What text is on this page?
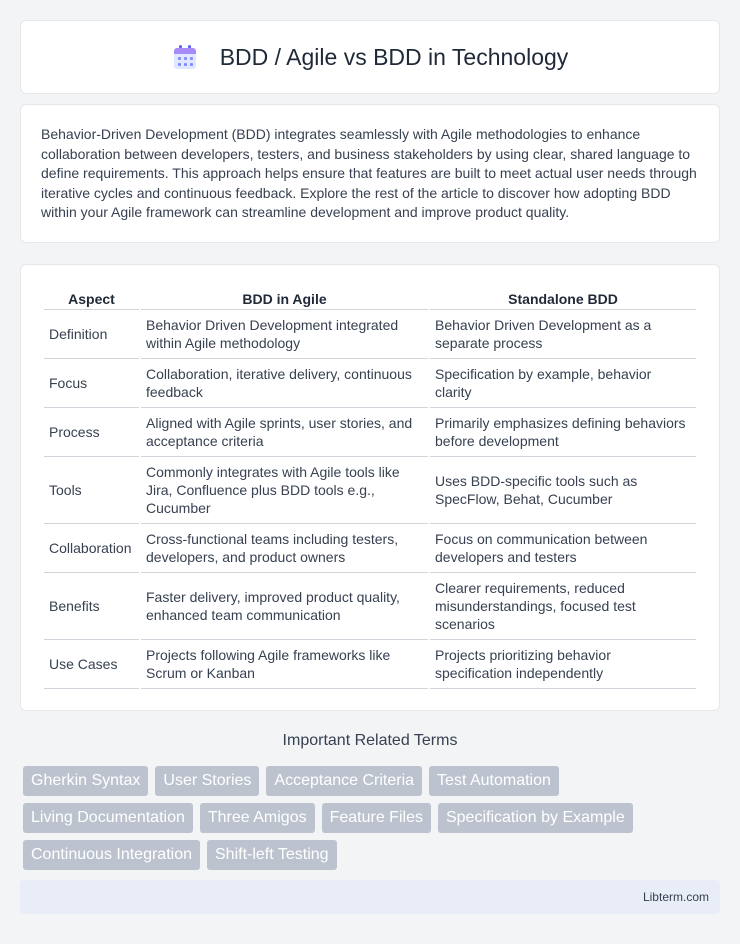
BDD / Agile vs BDD in Technology

Behavior-Driven Development (BDD) integrates seamlessly with Agile methodologies to enhance collaboration between developers, testers, and business stakeholders by using clear, shared language to define requirements. This approach helps ensure that features are built to meet actual user needs through iterative cycles and continuous feedback. Explore the rest of the article to discover how adopting BDD within your Agile framework can streamline development and improve product quality.

Aspect	BDD in Agile	Standalone BDD
Definition	Behavior Driven Development integrated within Agile methodology	Behavior Driven Development as a separate process
Focus	Collaboration, iterative delivery, continuous feedback	Specification by example, behavior clarity
Process	Aligned with Agile sprints, user stories, and acceptance criteria	Primarily emphasizes defining behaviors before development
Tools	Commonly integrates with Agile tools like Jira, Confluence plus BDD tools e.g., Cucumber	Uses BDD-specific tools such as SpecFlow, Behat, Cucumber
Collaboration	Cross-functional teams including testers, developers, and product owners	Focus on communication between developers and testers
Benefits	Faster delivery, improved product quality, enhanced team communication	Clearer requirements, reduced misunderstandings, focused test scenarios
Use Cases	Projects following Agile frameworks like Scrum or Kanban	Projects prioritizing behavior specification independently
Important Related Terms
Gherkin Syntax	User Stories	Acceptance Criteria	Test Automation
Living Documentation	Three Amigos	Feature Files	Specification by Example
Continuous Integration	Shift-left Testing
Libterm.com
